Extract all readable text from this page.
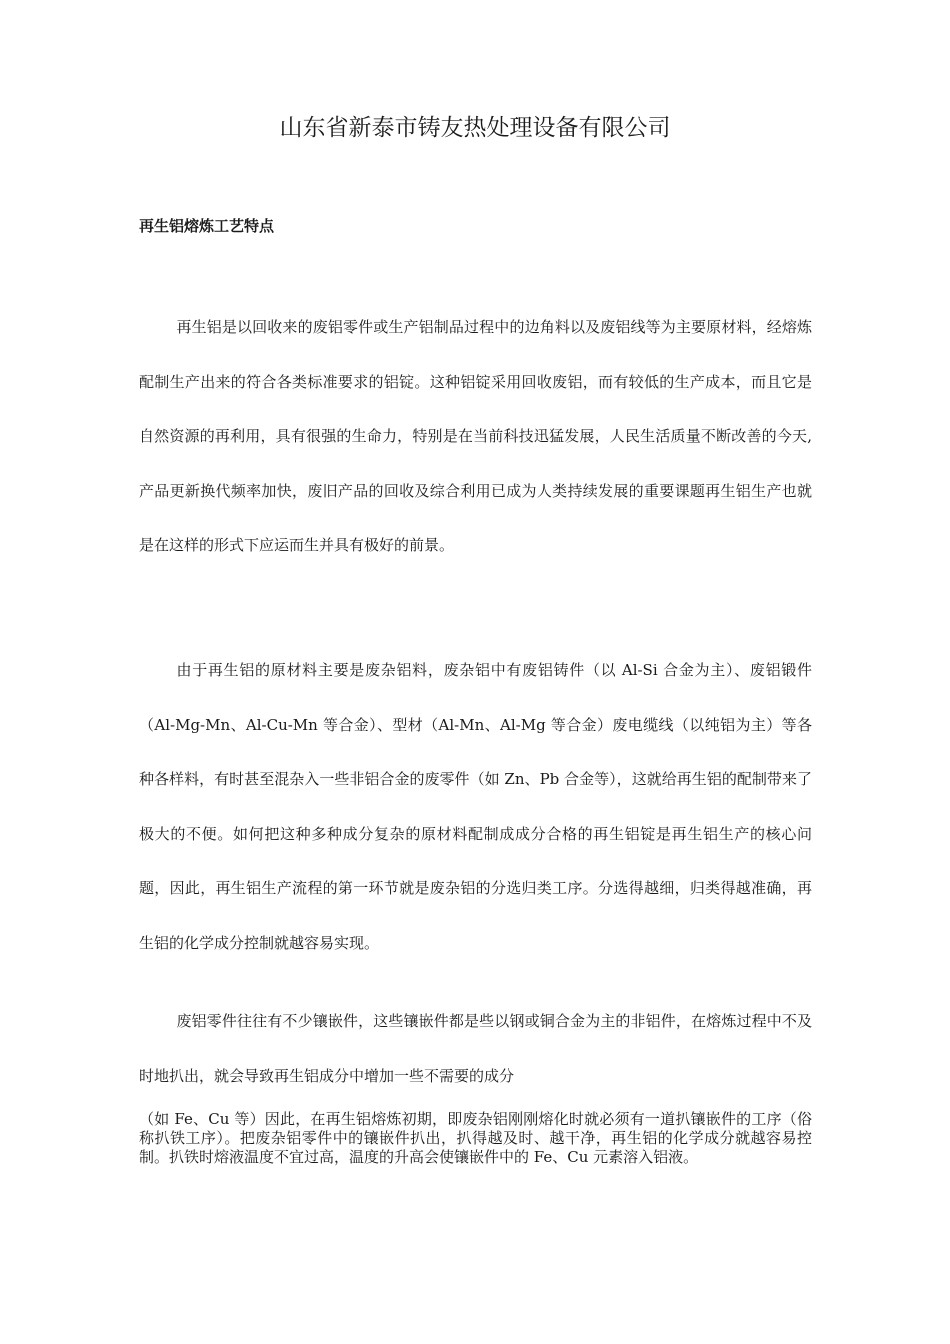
山东省新泰市铸友热处理设备有限公司
再生铝熔炼工艺特点

再生铝是以回收来的废铝零件或生产铝制品过程中的边角料以及废铝线等为主要原材料，经熔炼配制生产出来的符合各类标准要求的铝锭。这种铝锭采用回收废铝，而有较低的生产成本，而且它是自然资源的再利用，具有很强的生命力，特别是在当前科技迅猛发展，人民生活质量不断改善的今天,产品更新换代频率加快，废旧产品的回收及综合利用已成为人类持续发展的重要课题再生铝生产也就是在这样的形式下应运而生并具有极好的前景。

由于再生铝的原材料主要是废杂铝料，废杂铝中有废铝铸件（以 Al-Si 合金为主）、废铝锻件（Al-Mg-Mn、Al-Cu-Mn 等合金）、型材（Al-Mn、Al-Mg 等合金）废电缆线（以纯铝为主）等各种各样料，有时甚至混杂入一些非铝合金的废零件（如 Zn、Pb 合金等），这就给再生铝的配制带来了极大的不便。如何把这种多种成分复杂的原材料配制成成分合格的再生铝锭是再生铝生产的核心问题，因此，再生铝生产流程的第一环节就是废杂铝的分选归类工序。分选得越细，归类得越准确，再生铝的化学成分控制就越容易实现。

废铝零件往往有不少镶嵌件，这些镶嵌件都是些以钢或铜合金为主的非铝件，在熔炼过程中不及时地扒出，就会导致再生铝成分中增加一些不需要的成分

（如 Fe、Cu 等）因此，在再生铝熔炼初期，即废杂铝刚刚熔化时就必须有一道扒镶嵌件的工序（俗称扒铁工序）。把废杂铝零件中的镶嵌件扒出，扒得越及时、越干净，再生铝的化学成分就越容易控制。扒铁时熔液温度不宜过高，温度的升高会使镶嵌件中的 Fe、Cu 元素溶入铝液。
